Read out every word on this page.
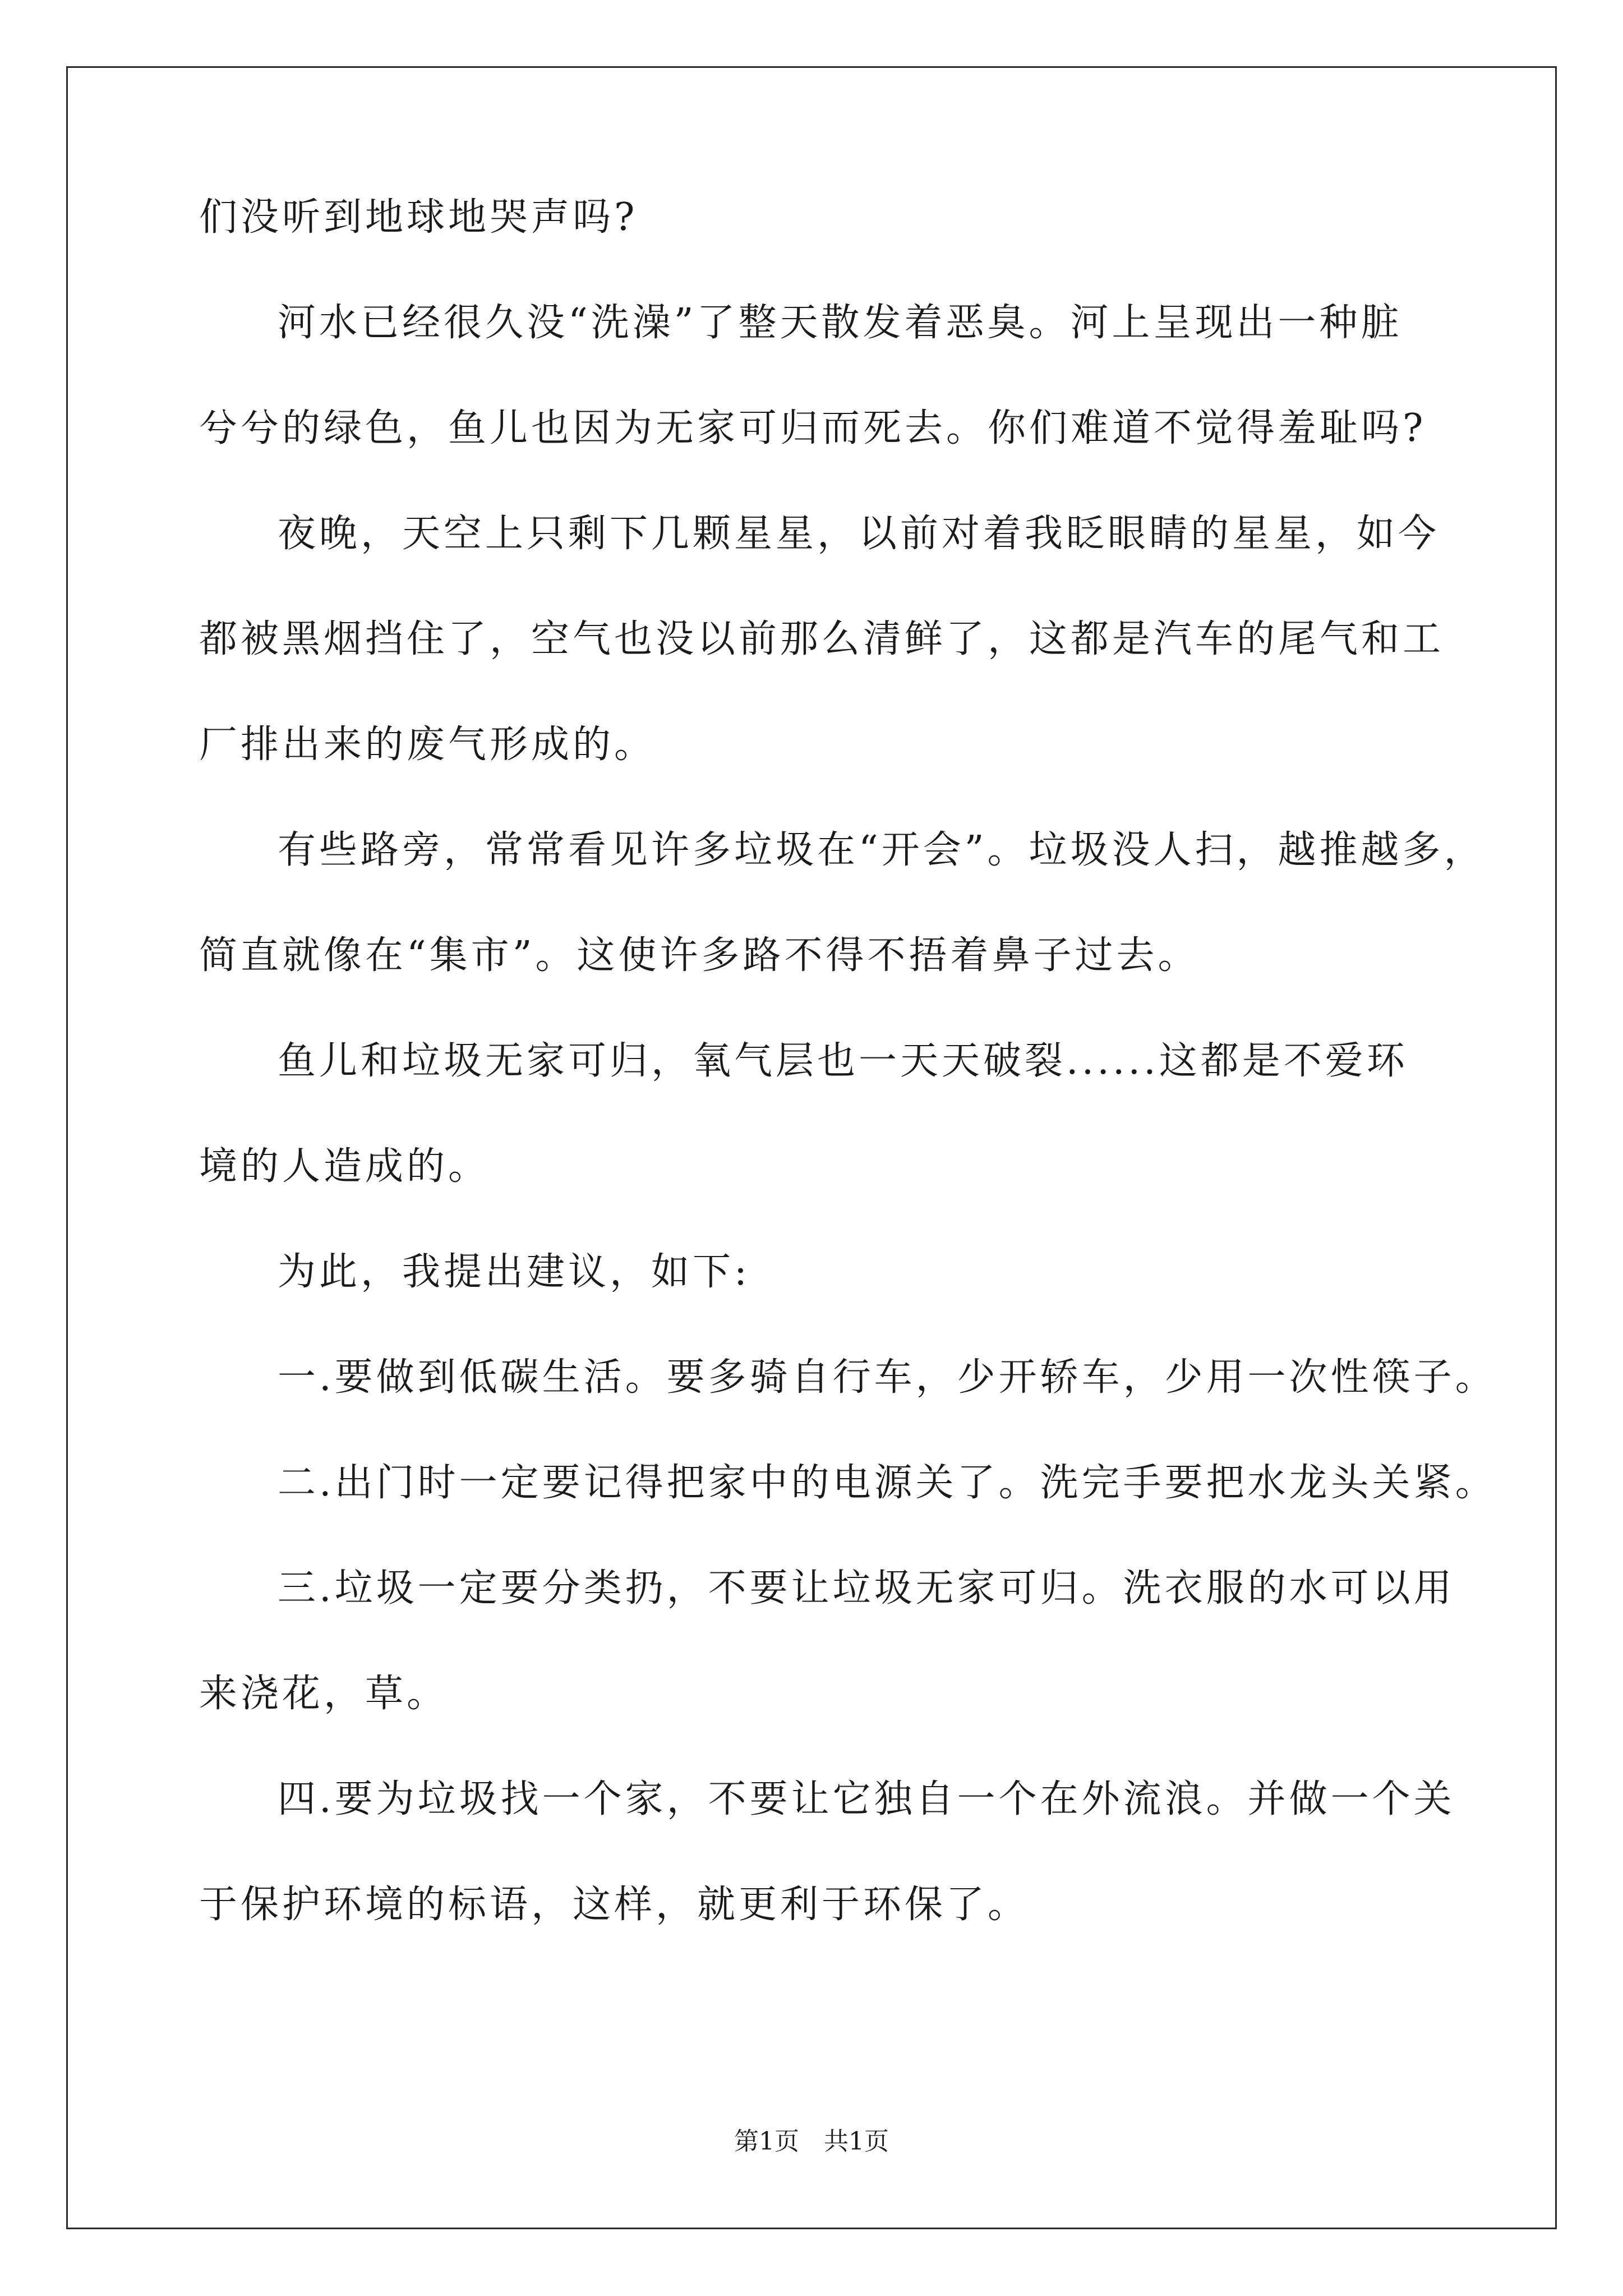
们没听到地球地哭声吗?
河水已经很久没“洗澡”了整天散发着恶臭。河上呈现出一种脏
兮兮的绿色，鱼儿也因为无家可归而死去。你们难道不觉得羞耻吗?
夜晚，天空上只剩下几颗星星，以前对着我眨眼睛的星星，如今
都被黑烟挡住了，空气也没以前那么清鲜了，这都是汽车的尾气和工
厂排出来的废气形成的。
有些路旁，常常看见许多垃圾在“开会”。垃圾没人扫，越推越多，
简直就像在“集市”。这使许多路不得不捂着鼻子过去。
鱼儿和垃圾无家可归，氧气层也一天天破裂......这都是不爱环
境的人造成的。
为此，我提出建议，如下:
一.要做到低碳生活。要多骑自行车，少开轿车，少用一次性筷子。
二.出门时一定要记得把家中的电源关了。洗完手要把水龙头关紧。
三.垃圾一定要分类扔，不要让垃圾无家可归。洗衣服的水可以用
来浇花，草。
四.要为垃圾找一个家，不要让它独自一个在外流浪。并做一个关
于保护环境的标语，这样，就更利于环保了。
第1页　共1页
